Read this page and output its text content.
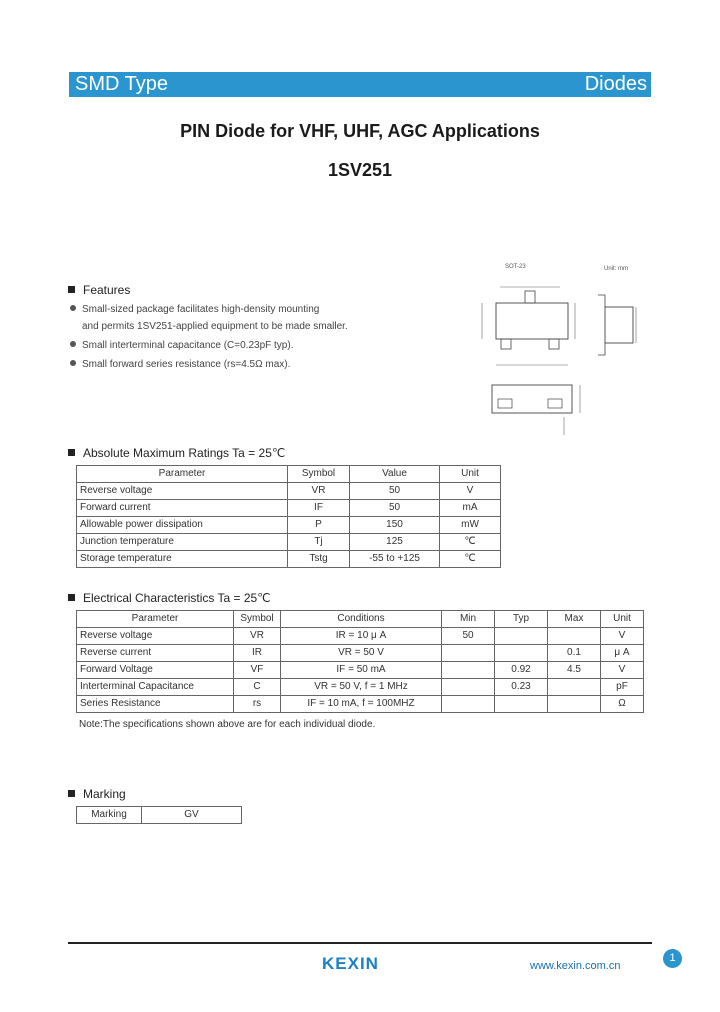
SMD Type	Diodes
PIN Diode for VHF, UHF, AGC Applications
1SV251
SOT-23	Unit: mm
Features
Small-sized package facilitates high-density mounting
and permits 1SV251-applied equipment to be made smaller.
Small interterminal capacitance (C=0.23pF typ).
Small forward series resistance (rs=4.5Ω max).
Absolute Maximum Ratings Ta = 25℃
Parameter	Symbol	Value	Unit
Reverse voltage	VR	50	V
Forward current	IF	50	mA
Allowable power dissipation	P	150	mW
Junction temperature	Tj	125	℃
Storage temperature	Tstg	-55 to +125	℃
Electrical Characteristics Ta = 25℃
Parameter	Symbol	Conditions	Min	Typ	Max	Unit
Reverse voltage	VR	IR = 10 μ A	50			V
Reverse current	IR	VR = 50 V			0.1	μ A
Forward Voltage	VF	IF = 50 mA		0.92	4.5	V
Interterminal Capacitance	C	VR = 50 V, f = 1 MHz		0.23		pF
Series Resistance	rs	IF = 10 mA, f = 100MHZ				Ω
Note:The specifications shown above are for each individual diode.
Marking
Marking	GV
KEXIN	www.kexin.com.cn
1
